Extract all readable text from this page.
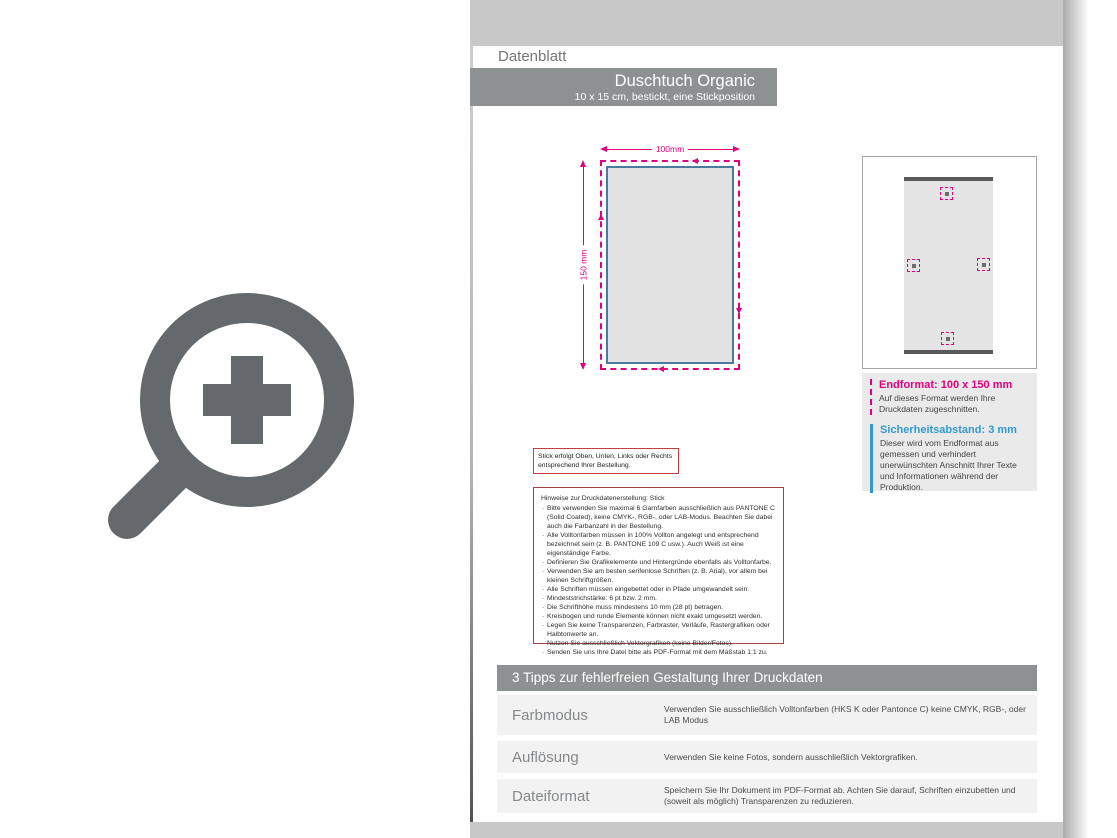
Datenblatt
Duschtuch Organic
10 x 15 cm, bestickt, eine Stickposition
100mm
150 mm
Endformat: 100 x 150 mm
Auf dieses Format werden Ihre Druckdaten zugeschnitten.
Sicherheitsabstand: 3 mm
Dieser wird vom Endformat aus gemessen und verhindert unerwünschten Anschnitt Ihrer Texte und Informationen während der Produktion.
Stick erfolgt Oben, Unten, Links oder Rechts entsprechend Ihrer Bestellung.
Hinweise zur Druckdatenerstellung: Stick
· Bitte verwenden Sie maximal 6 Garnfarben ausschließlich aus PANTONE C (Solid Coated), keine CMYK-, RGB-, oder LAB-Modus. Beachten Sie dabei auch die Farbanzahl in der Bestellung.
· Alle Volltonfarben müssen in 100% Vollton angelegt und entsprechend bezeichnet sein (z. B. PANTONE 109 C usw.). Auch Weiß ist eine eigenständige Farbe.
· Definieren Sie Grafikelemente und Hintergründe ebenfalls als Volltonfarbe.
· Verwenden Sie am besten serifenlose Schriften (z. B. Arial), vor allem bei kleinen Schriftgrößen.
· Alle Schriften müssen eingebettet oder in Pfade umgewandelt sein.
· Mindeststrichstärke: 6 pt bzw. 2 mm.
· Die Schrifthöhe muss mindestens 10 mm (28 pt) betragen.
· Kreisbogen und runde Elemente können nicht exakt umgesetzt werden.
· Legen Sie keine Transparenzen, Farbraster, Verläufe, Rastergrafiken oder Halbtonwerte an.
· Nutzen Sie ausschließlich Vektorgrafiken (keine Bilder/Fotos).
· Senden Sie uns Ihre Datei bitte als PDF-Format mit dem Maßstab 1:1 zu.
3 Tipps zur fehlerfreien Gestaltung Ihrer Druckdaten
Farbmodus	Verwenden Sie ausschließlich Volltonfarben (HKS K oder Pantonce C) keine CMYK, RGB-, oder LAB Modus
Auflösung	Verwenden Sie keine Fotos, sondern ausschließlich Vektorgrafiken.
Dateiformat	Speichern Sie Ihr Dokument im PDF-Format ab. Achten Sie darauf, Schriften einzubetten und (soweit als möglich) Transparenzen zu reduzieren.
